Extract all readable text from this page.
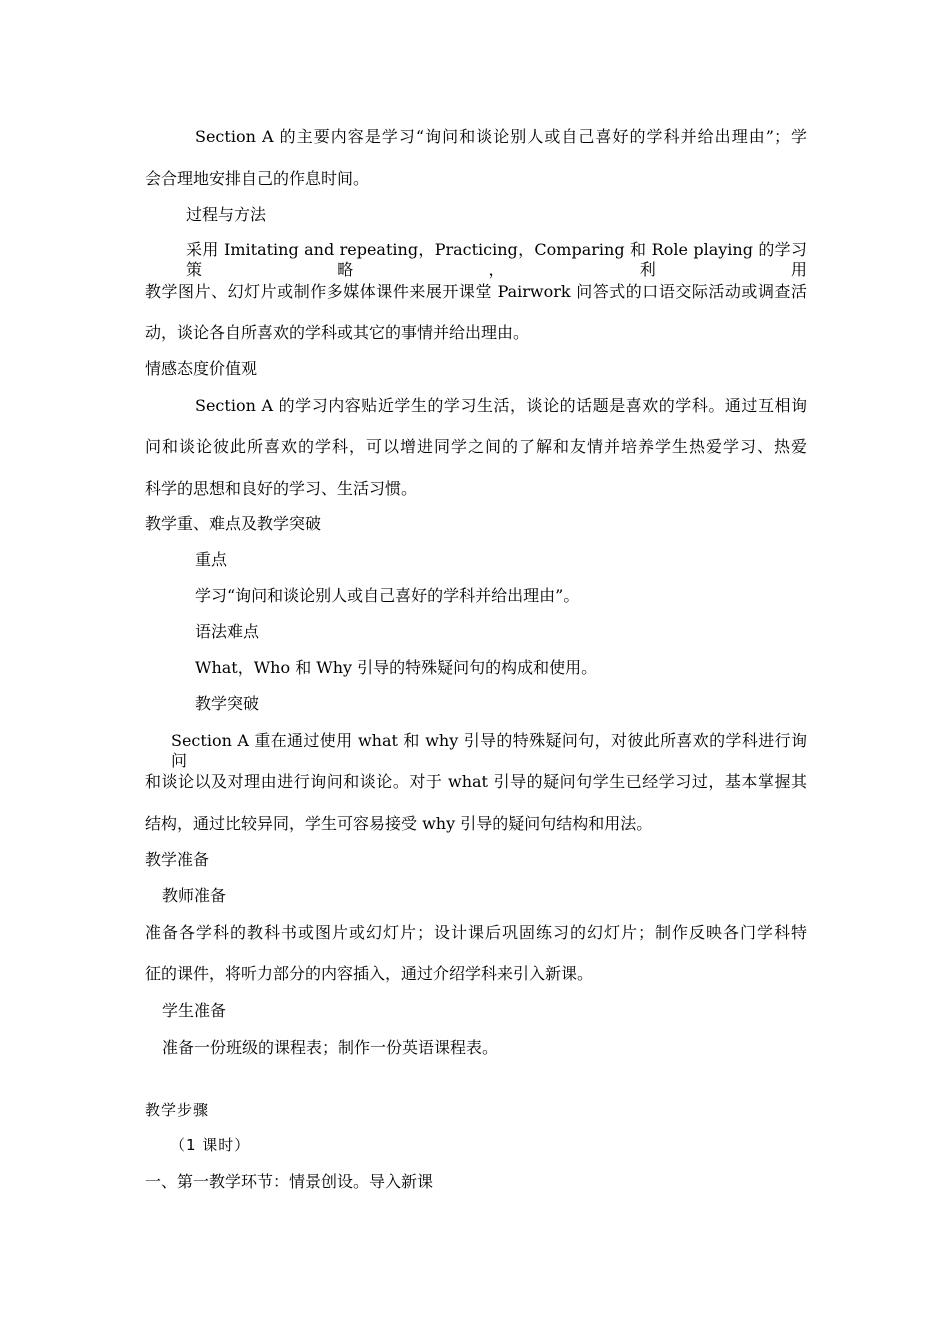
Section A 的主要内容是学习“询问和谈论别人或自己喜好的学科并给出理由”；学
会合理地安排自己的作息时间。
过程与方法
采用 Imitating and repeating，Practicing，Comparing 和 Role playing 的学习策略，利用
教学图片、幻灯片或制作多媒体课件来展开课堂 Pairwork 问答式的口语交际活动或调查活
动，谈论各自所喜欢的学科或其它的事情并给出理由。
情感态度价值观
Section A 的学习内容贴近学生的学习生活，谈论的话题是喜欢的学科。通过互相询
问和谈论彼此所喜欢的学科，可以增进同学之间的了解和友情并培养学生热爱学习、热爱
科学的思想和良好的学习、生活习惯。
教学重、难点及教学突破
重点
学习“询问和谈论别人或自己喜好的学科并给出理由”。
语法难点
What，Who 和 Why 引导的特殊疑问句的构成和使用。
教学突破
Section A 重在通过使用 what 和 why 引导的特殊疑问句，对彼此所喜欢的学科进行询问
和谈论以及对理由进行询问和谈论。对于 what 引导的疑问句学生已经学习过，基本掌握其
结构，通过比较异同，学生可容易接受 why 引导的疑问句结构和用法。
教学准备
教师准备
准备各学科的教科书或图片或幻灯片；设计课后巩固练习的幻灯片；制作反映各门学科特
征的课件，将听力部分的内容插入，通过介绍学科来引入新课。
学生准备
准备一份班级的课程表；制作一份英语课程表。
教学步骤
（1 课时）
一、第一教学环节：情景创设。导入新课
